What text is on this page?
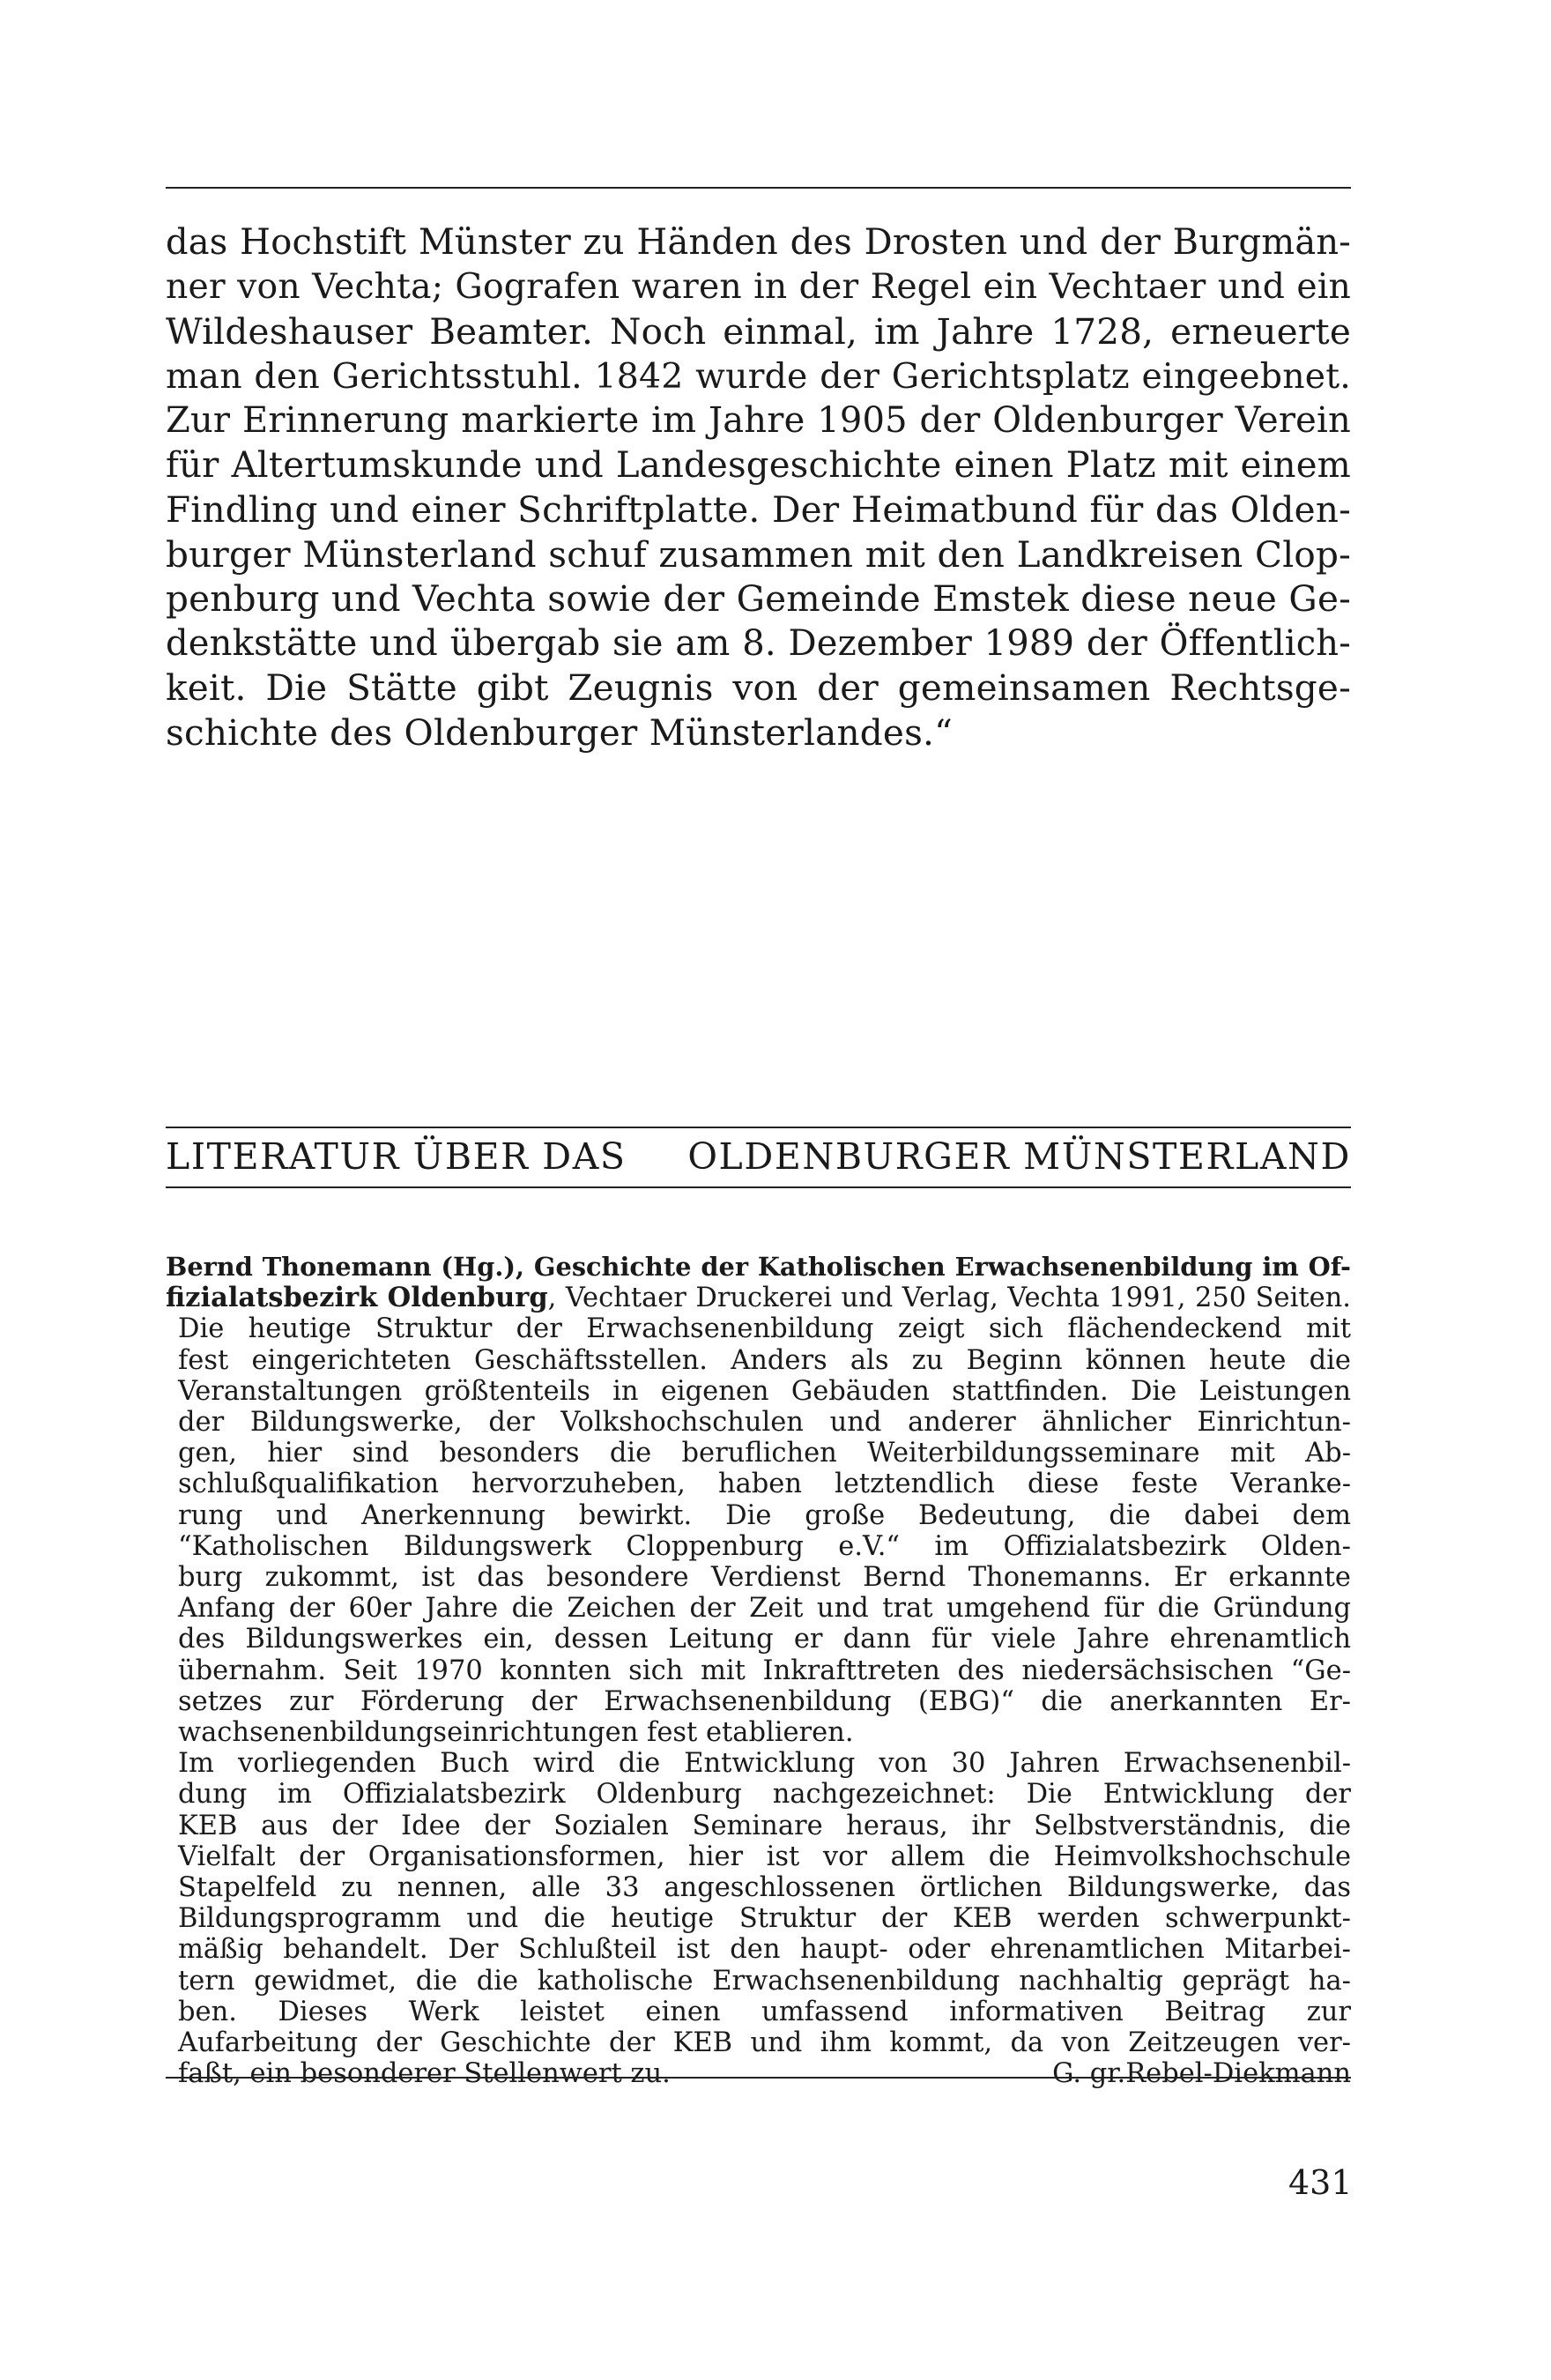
das Hochstift Münster zu Händen des Drosten und der Burgmän-
ner von Vechta; Gografen waren in der Regel ein Vechtaer und ein
Wildeshauser Beamter. Noch einmal, im Jahre 1728, erneuerte
man den Gerichtsstuhl. 1842 wurde der Gerichtsplatz eingeebnet.
Zur Erinnerung markierte im Jahre 1905 der Oldenburger Verein
für Altertumskunde und Landesgeschichte einen Platz mit einem
Findling und einer Schriftplatte. Der Heimatbund für das Olden-
burger Münsterland schuf zusammen mit den Landkreisen Clop-
penburg und Vechta sowie der Gemeinde Emstek diese neue Ge-
denkstätte und übergab sie am 8. Dezember 1989 der Öffentlich-
keit. Die Stätte gibt Zeugnis von der gemeinsamen Rechtsge-
schichte des Oldenburger Münsterlandes.“
LITERATUR ÜBER DAS OLDENBURGER MÜNSTERLAND
Bernd Thonemann (Hg.), Geschichte der Katholischen Erwachsenenbildung im Of-
fizialatsbezirk Oldenburg, Vechtaer Druckerei und Verlag, Vechta 1991, 250 Seiten.
Die heutige Struktur der Erwachsenenbildung zeigt sich flächendeckend mit
fest eingerichteten Geschäftsstellen. Anders als zu Beginn können heute die
Veranstaltungen größtenteils in eigenen Gebäuden stattfinden. Die Leistungen
der Bildungswerke, der Volkshochschulen und anderer ähnlicher Einrichtun-
gen, hier sind besonders die beruflichen Weiterbildungsseminare mit Ab-
schlußqualifikation hervorzuheben, haben letztendlich diese feste Veranke-
rung und Anerkennung bewirkt. Die große Bedeutung, die dabei dem
“Katholischen Bildungswerk Cloppenburg e.V.“ im Offizialatsbezirk Olden-
burg zukommt, ist das besondere Verdienst Bernd Thonemanns. Er erkannte
Anfang der 60er Jahre die Zeichen der Zeit und trat umgehend für die Gründung
des Bildungswerkes ein, dessen Leitung er dann für viele Jahre ehrenamtlich
übernahm. Seit 1970 konnten sich mit Inkrafttreten des niedersächsischen “Ge-
setzes zur Förderung der Erwachsenenbildung (EBG)“ die anerkannten Er-
wachsenenbildungseinrichtungen fest etablieren.
Im vorliegenden Buch wird die Entwicklung von 30 Jahren Erwachsenenbil-
dung im Offizialatsbezirk Oldenburg nachgezeichnet: Die Entwicklung der
KEB aus der Idee der Sozialen Seminare heraus, ihr Selbstverständnis, die
Vielfalt der Organisationsformen, hier ist vor allem die Heimvolkshochschule
Stapelfeld zu nennen, alle 33 angeschlossenen örtlichen Bildungswerke, das
Bildungsprogramm und die heutige Struktur der KEB werden schwerpunkt-
mäßig behandelt. Der Schlußteil ist den haupt- oder ehrenamtlichen Mitarbei-
tern gewidmet, die die katholische Erwachsenenbildung nachhaltig geprägt ha-
ben. Dieses Werk leistet einen umfassend informativen Beitrag zur
Aufarbeitung der Geschichte der KEB und ihm kommt, da von Zeitzeugen ver-
faßt, ein besonderer Stellenwert zu.	G. gr.Rebel-Diekmann
431
